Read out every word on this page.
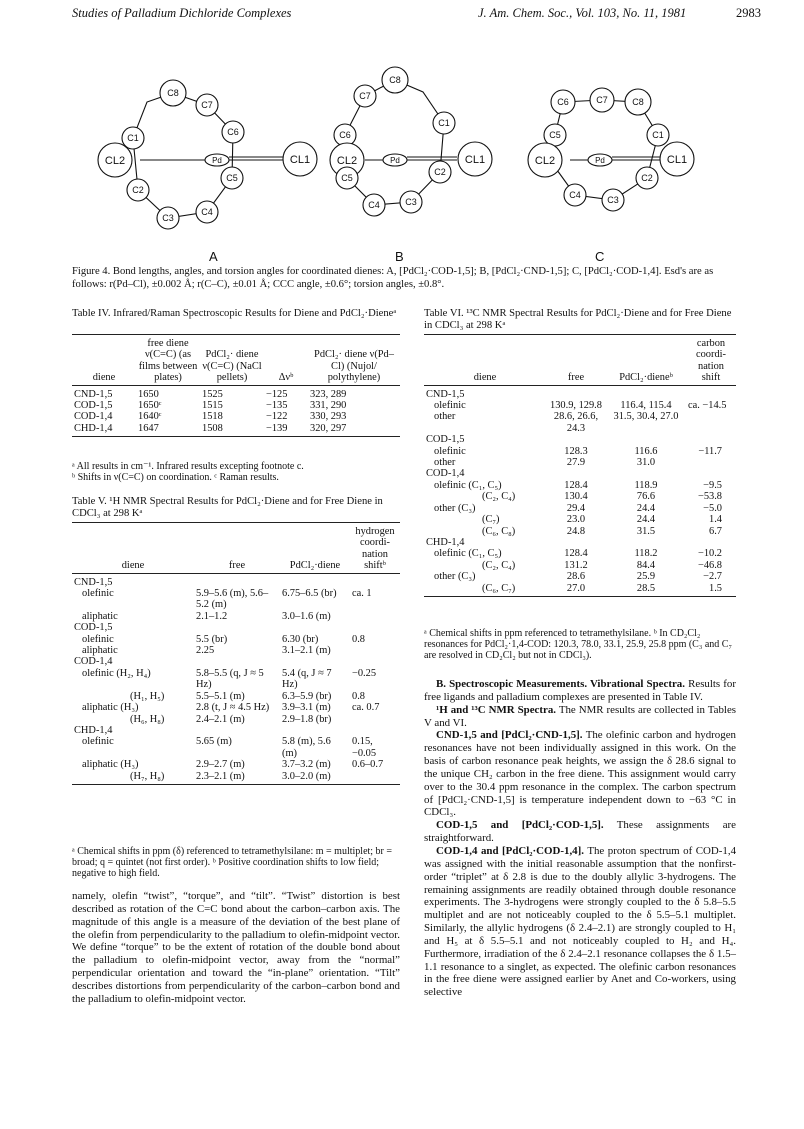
Studies of Palladium Dichloride Complexes	J. Am. Chem. Soc., Vol. 103, No. 11, 1981	2983
C8
C7
C1
C6
CL2	CL1
Pd
C2
C5
C3
C4
C8
C7
C6
C1
CL2	CL1
Pd
C5
C2
C4	C3
C6	C7	C8
C5	C1
CL2	CL1
Pd
C4
C2
C3
A	B	C
Figure 4. Bond lengths, angles, and torsion angles for coordinated dienes: A, [PdCl₂·COD-1,5]; B, [PdCl₂·CND-1,5]; C, [PdCl₂·COD-1,4]. Esd's are as follows: r(Pd–Cl), ±0.002 Å; r(C–C), ±0.01 Å; CCC angle, ±0.6°; torsion angles, ±0.8°.
Table IV. Infrared/Raman Spectroscopic Results for Diene and PdCl₂·Dieneᵃ

diene	free diene ν(C=C) (as films between plates)	PdCl₂· diene ν(C=C) (NaCl pellets)	Δνᵇ	PdCl₂· diene ν(Pd–Cl) (Nujol/ polythylene)
CND-1,5	1650	1525	−125	323, 289
COD-1,5	1650ᶜ	1515	−135	331, 290
COD-1,4	1640ᶜ	1518	−122	330, 293
CHD-1,4	1647	1508	−139	320, 297
ᵃ All results in cm⁻¹. Infrared results excepting footnote c.
ᵇ Shifts in ν(C=C) on coordination. ᶜ Raman results.
Table V. ¹H NMR Spectral Results for PdCl₂·Diene and for Free Diene in CDCl₃ at 298 Kᵃ

diene	free	PdCl₂·diene	hydrogen coordi- nation shiftᵇ
CND-1,5			
olefinic	5.9–5.6 (m), 5.6–5.2 (m)	6.75–6.5 (br)	ca. 1
aliphatic	2.1–1.2	3.0–1.6 (m)	
COD-1,5			
olefinic	5.5 (br)	6.30 (br)	0.8
aliphatic	2.25	3.1–2.1 (m)	
COD-1,4			
olefinic (H₂, H₄)	5.8–5.5 (q, J ≈ 5 Hz)	5.4 (q, J ≈ 7 Hz)	−0.25
(H₁, H₅)	5.5–5.1 (m)	6.3–5.9 (br)	0.8
aliphatic (H₃)	2.8 (t, J ≈ 4.5 Hz)	3.9–3.1 (m)	ca. 0.7
(H₆, H₈)	2.4–2.1 (m)	2.9–1.8 (br)	
CHD-1,4			
olefinic	5.65 (m)	5.8 (m), 5.6 (m)	0.15, −0.05
aliphatic (H₃)	2.9–2.7 (m)	3.7–3.2 (m)	0.6–0.7
(H₇, H₈)	2.3–2.1 (m)	3.0–2.0 (m)	
ᵃ Chemical shifts in ppm (δ) referenced to tetramethylsilane: m = multiplet; br = broad; q = quintet (not first order). ᵇ Positive coordination shifts to low field; negative to high field.

namely, olefin “twist”, “torque”, and “tilt”. “Twist” distortion is best described as rotation of the C=C bond about the carbon–carbon axis. The magnitude of this angle is a measure of the deviation of the best plane of the olefin from perpendicularity to the palladium to olefin-midpoint vector. We define “torque” to be the extent of rotation of the double bond about the palladium to olefin-midpoint vector, away from the “normal” perpendicular orientation and toward the “in-plane” orientation. “Tilt” describes distortions from perpendicularity of the carbon–carbon bond and the palladium to olefin-midpoint vector.

Table VI. ¹³C NMR Spectral Results for PdCl₂·Diene and for Free Diene in CDCl₃ at 298 Kᵃ

diene	free	PdCl₂·dieneᵇ	carbon coordi- nation shift
CND-1,5			
olefinic	130.9, 129.8	116.4, 115.4	ca. −14.5
other	28.6, 26.6, 24.3	31.5, 30.4, 27.0	
COD-1,5			
olefinic	128.3	116.6	−11.7
other	27.9	31.0	
COD-1,4			
olefinic (C₁, C₅)	128.4	118.9	−9.5
(C₂, C₄)	130.4	76.6	−53.8
other (C₃)	29.4	24.4	−5.0
(C₇)	23.0	24.4	1.4
(C₆, C₈)	24.8	31.5	6.7
CHD-1,4			
olefinic (C₁, C₅)	128.4	118.2	−10.2
(C₂, C₄)	131.2	84.4	−46.8
other (C₃)	28.6	25.9	−2.7
(C₆, C₇)	27.0	28.5	1.5
ᵃ Chemical shifts in ppm referenced to tetramethylsilane. ᵇ In CD₂Cl₂ resonances for PdCl₂·1,4-COD: 120.3, 78.0, 33.1, 25.9, 25.8 ppm (C₃ and C₇ are resolved in CD₂Cl₂ but not in CDCl₃).

B. Spectroscopic Measurements. Vibrational Spectra. Results for free ligands and palladium complexes are presented in Table IV.

¹H and ¹³C NMR Spectra. The NMR results are collected in Tables V and VI.

CND-1,5 and [PdCl₂·CND-1,5]. The olefinic carbon and hydrogen resonances have not been individually assigned in this work. On the basis of carbon resonance peak heights, we assign the δ 28.6 signal to the unique CH₂ carbon in the free diene. This assignment would carry over to the 30.4 ppm resonance in the complex. The carbon spectrum of [PdCl₂·CND-1,5] is temperature independent down to −63 °C in CDCl₃.

COD-1,5 and [PdCl₂·COD-1,5]. These assignments are straightforward.

COD-1,4 and [PdCl₂·COD-1,4]. The proton spectrum of COD-1,4 was assigned with the initial reasonable assumption that the nonfirst-order “triplet” at δ 2.8 is due to the doubly allylic 3-hydrogens. The remaining assignments are readily obtained through double resonance experiments. The 3-hydrogens were strongly coupled to the δ 5.8–5.5 multiplet and are not noticeably coupled to the δ 5.5–5.1 multiplet. Similarly, the allylic hydrogens (δ 2.4–2.1) are strongly coupled to H₁ and H₅ at δ 5.5–5.1 and not noticeably coupled to H₂ and H₄. Furthermore, irradiation of the δ 2.4–2.1 resonance collapses the δ 1.5–1.1 resonance to a singlet, as expected. The olefinic carbon resonances in the free diene were assigned earlier by Anet and Co-workers, using selective
